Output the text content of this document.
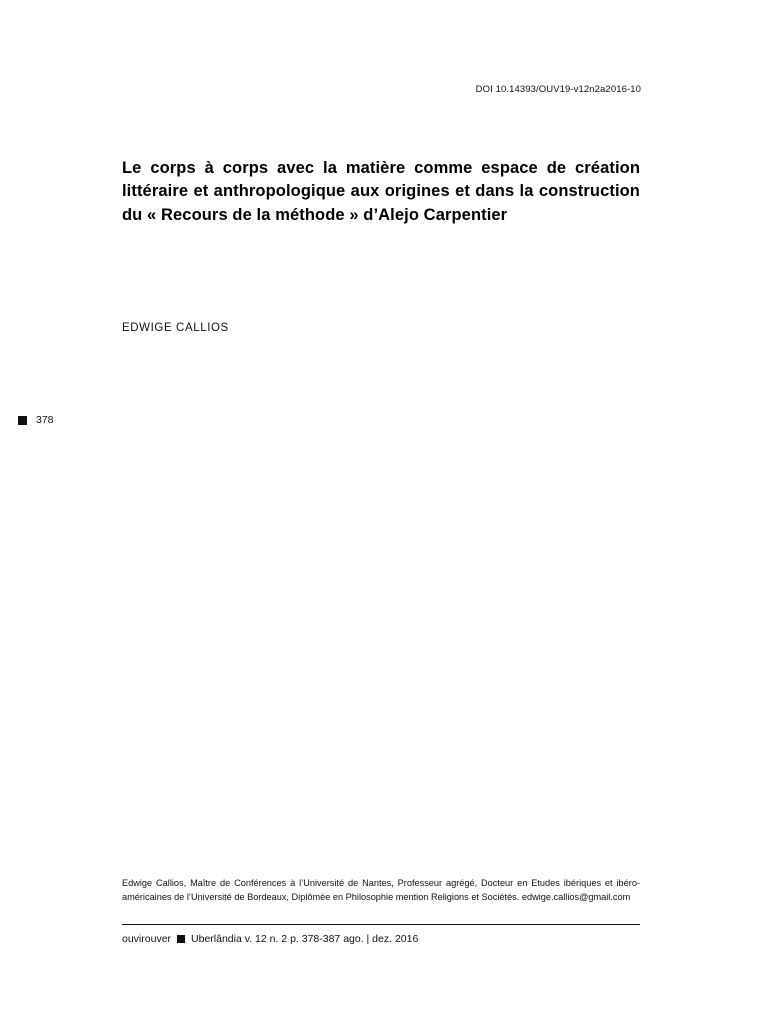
DOI 10.14393/OUV19-v12n2a2016-10
Le corps à corps avec la matière comme espace de création littéraire et anthropologique aux origines et dans la construction du « Recours de la méthode » d’Alejo Carpentier
EDWIGE CALLIOS
378
Edwige Callios, Maître de Conférences à l’Université de Nantes, Professeur agrégé, Docteur en Etudes ibériques et ibéro-américaines de l’Université de Bordeaux, Diplômée en Philosophie mention Religions et Sociétés. edwige.callios@gmail.com
ouvirouver Uberlândia v. 12 n. 2 p. 378-387 ago. | dez. 2016
